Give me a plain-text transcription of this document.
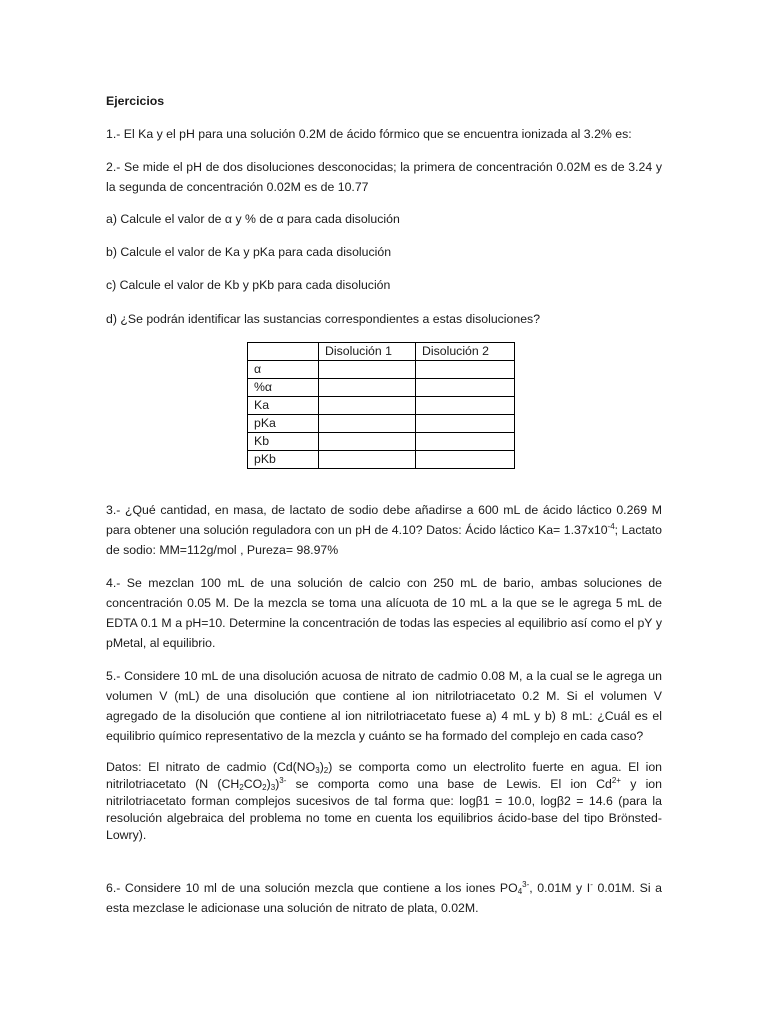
Ejercicios

1.- El Ka y el pH para una solución 0.2M de ácido fórmico que se encuentra ionizada al 3.2% es:

2.- Se mide el pH de dos disoluciones desconocidas; la primera de concentración 0.02M es de 3.24 y la segunda de concentración 0.02M es de 10.77

a) Calcule el valor de α y % de α para cada disolución

b) Calcule el valor de Ka y pKa para cada disolución

c) Calcule el valor de Kb y pKb para cada disolución

d) ¿Se podrán identificar las sustancias correspondientes a estas disoluciones?

	Disolución 1	Disolución 2
α		
%α		
Ka		
pKa		
Kb		
pKb		

3.- ¿Qué cantidad, en masa, de lactato de sodio debe añadirse a 600 mL de ácido láctico 0.269 M para obtener una solución reguladora con un pH de 4.10? Datos: Ácido láctico $Ka= 1.37x10^{-4}$; Lactato de sodio: MM=112g/mol , Pureza= 98.97%

4.- Se mezclan 100 mL de una solución de calcio con 250 mL de bario, ambas soluciones de concentración 0.05 M. De la mezcla se toma una alícuota de 10 mL a la que se le agrega 5 mL de EDTA 0.1 M a pH=10. Determine la concentración de todas las especies al equilibrio así como el pY y pMetal, al equilibrio.

5.- Considere 10 mL de una disolución acuosa de nitrato de cadmio 0.08 M, a la cual se le agrega un volumen V (mL) de una disolución que contiene al ion nitrilotriacetato 0.2 M. Si el volumen V agregado de la disolución que contiene al ion nitrilotriacetato fuese a) 4 mL y b) 8 mL: ¿Cuál es el equilibrio químico representativo de la mezcla y cuánto se ha formado del complejo en cada caso?

Datos: El nitrato de cadmio $(Cd(NO_3)_2)$ se comporta como un electrolito fuerte en agua. El ion nitrilotriacetato (N $(CH_2CO_2)_3)^{3-}$ se comporta como una base de Lewis. El ion $Cd^{2+}$ y ion nitrilotriacetato forman complejos sucesivos de tal forma que: logβ1 = 10.0, logβ2 = 14.6 (para la resolución algebraica del problema no tome en cuenta los equilibrios ácido-base del tipo Brönsted-Lowry).

6.- Considere 10 ml de una solución mezcla que contiene a los iones $PO_4^{3-}$, 0.01M y I- 0.01M. Si a esta mezclase le adicionase una solución de nitrato de plata, 0.02M.
